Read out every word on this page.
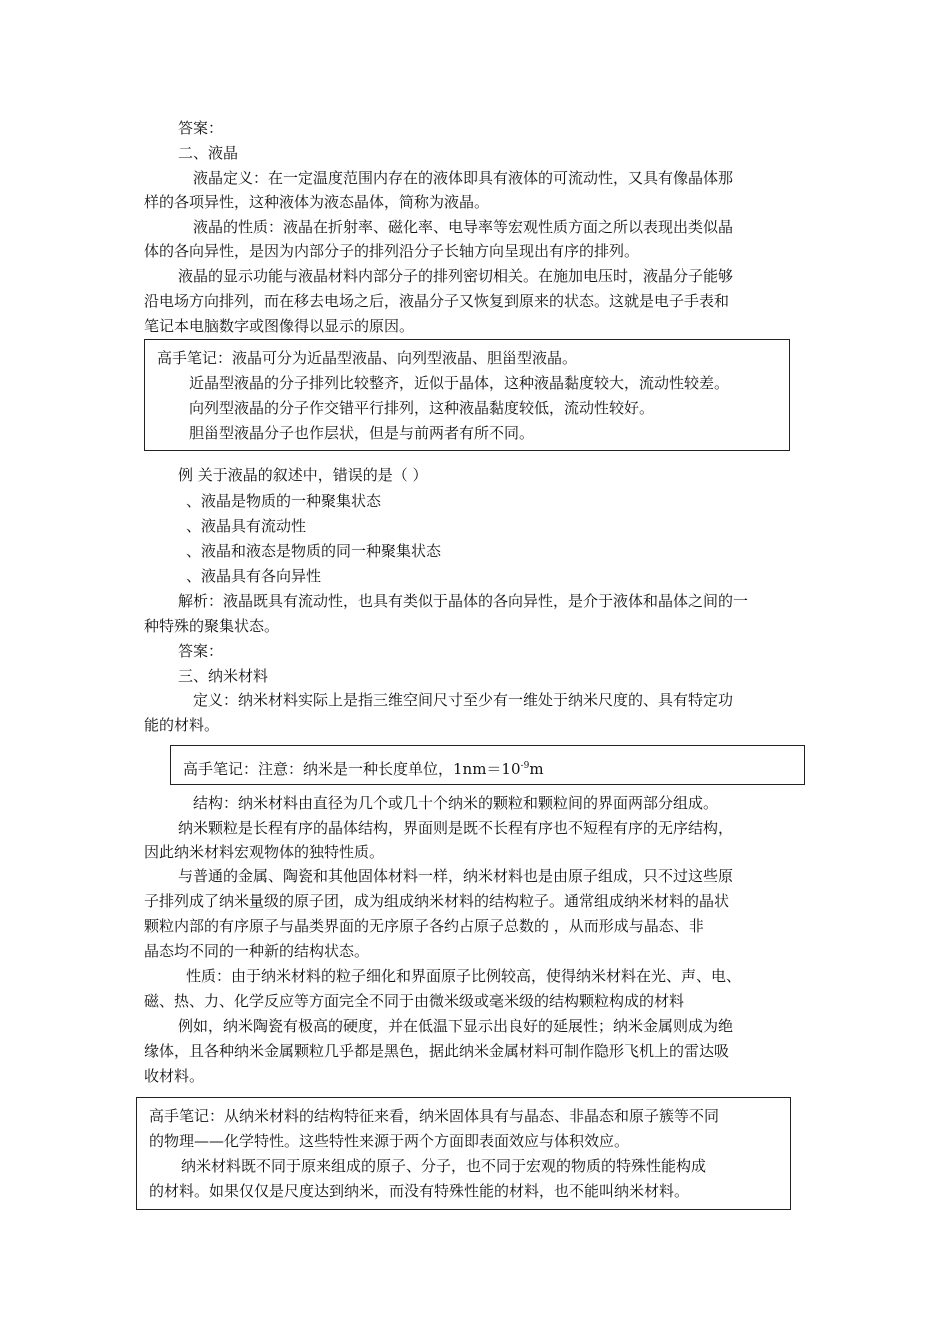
答案：

二、液晶

液晶定义：在一定温度范围内存在的液体即具有液体的可流动性，又具有像晶体那

样的各项异性，这种液体为液态晶体，简称为液晶。

液晶的性质：液晶在折射率、磁化率、电导率等宏观性质方面之所以表现出类似晶

体的各向异性，是因为内部分子的排列沿分子长轴方向呈现出有序的排列。

液晶的显示功能与液晶材料内部分子的排列密切相关。在施加电压时，液晶分子能够

沿电场方向排列，而在移去电场之后，液晶分子又恢复到原来的状态。这就是电子手表和

笔记本电脑数字或图像得以显示的原因。

高手笔记：液晶可分为近晶型液晶、向列型液晶、胆甾型液晶。

近晶型液晶的分子排列比较整齐，近似于晶体，这种液晶黏度较大，流动性较差。

向列型液晶的分子作交错平行排列，这种液晶黏度较低，流动性较好。

胆甾型液晶分子也作层状，但是与前两者有所不同。

例 关于液晶的叙述中，错误的是（ ）

、液晶是物质的一种聚集状态

、液晶具有流动性

、液晶和液态是物质的同一种聚集状态

、液晶具有各向异性

解析：液晶既具有流动性，也具有类似于晶体的各向异性，是介于液体和晶体之间的一

种特殊的聚集状态。

答案：

三、纳米材料

定义：纳米材料实际上是指三维空间尺寸至少有一维处于纳米尺度的、具有特定功

能的材料。

高手笔记：注意：纳米是一种长度单位，$1nm=10^{-9}m$

结构：纳米材料由直径为几个或几十个纳米的颗粒和颗粒间的界面两部分组成。

纳米颗粒是长程有序的晶体结构，界面则是既不长程有序也不短程有序的无序结构，

因此纳米材料宏观物体的独特性质。

与普通的金属、陶瓷和其他固体材料一样，纳米材料也是由原子组成，只不过这些原

子排列成了纳米量级的原子团，成为组成纳米材料的结构粒子。通常组成纳米材料的晶状

颗粒内部的有序原子与晶类界面的无序原子各约占原子总数的 ，从而形成与晶态、非

晶态均不同的一种新的结构状态。

性质：由于纳米材料的粒子细化和界面原子比例较高，使得纳米材料在光、声、电、

磁、热、力、化学反应等方面完全不同于由微米级或毫米级的结构颗粒构成的材料

例如，纳米陶瓷有极高的硬度，并在低温下显示出良好的延展性；纳米金属则成为绝

缘体，且各种纳米金属颗粒几乎都是黑色，据此纳米金属材料可制作隐形飞机上的雷达吸

收材料。

高手笔记：从纳米材料的结构特征来看，纳米固体具有与晶态、非晶态和原子簇等不同

的物理——化学特性。这些特性来源于两个方面即表面效应与体积效应。

纳米材料既不同于原来组成的原子、分子，也不同于宏观的物质的特殊性能构成

的材料。如果仅仅是尺度达到纳米，而没有特殊性能的材料，也不能叫纳米材料。
